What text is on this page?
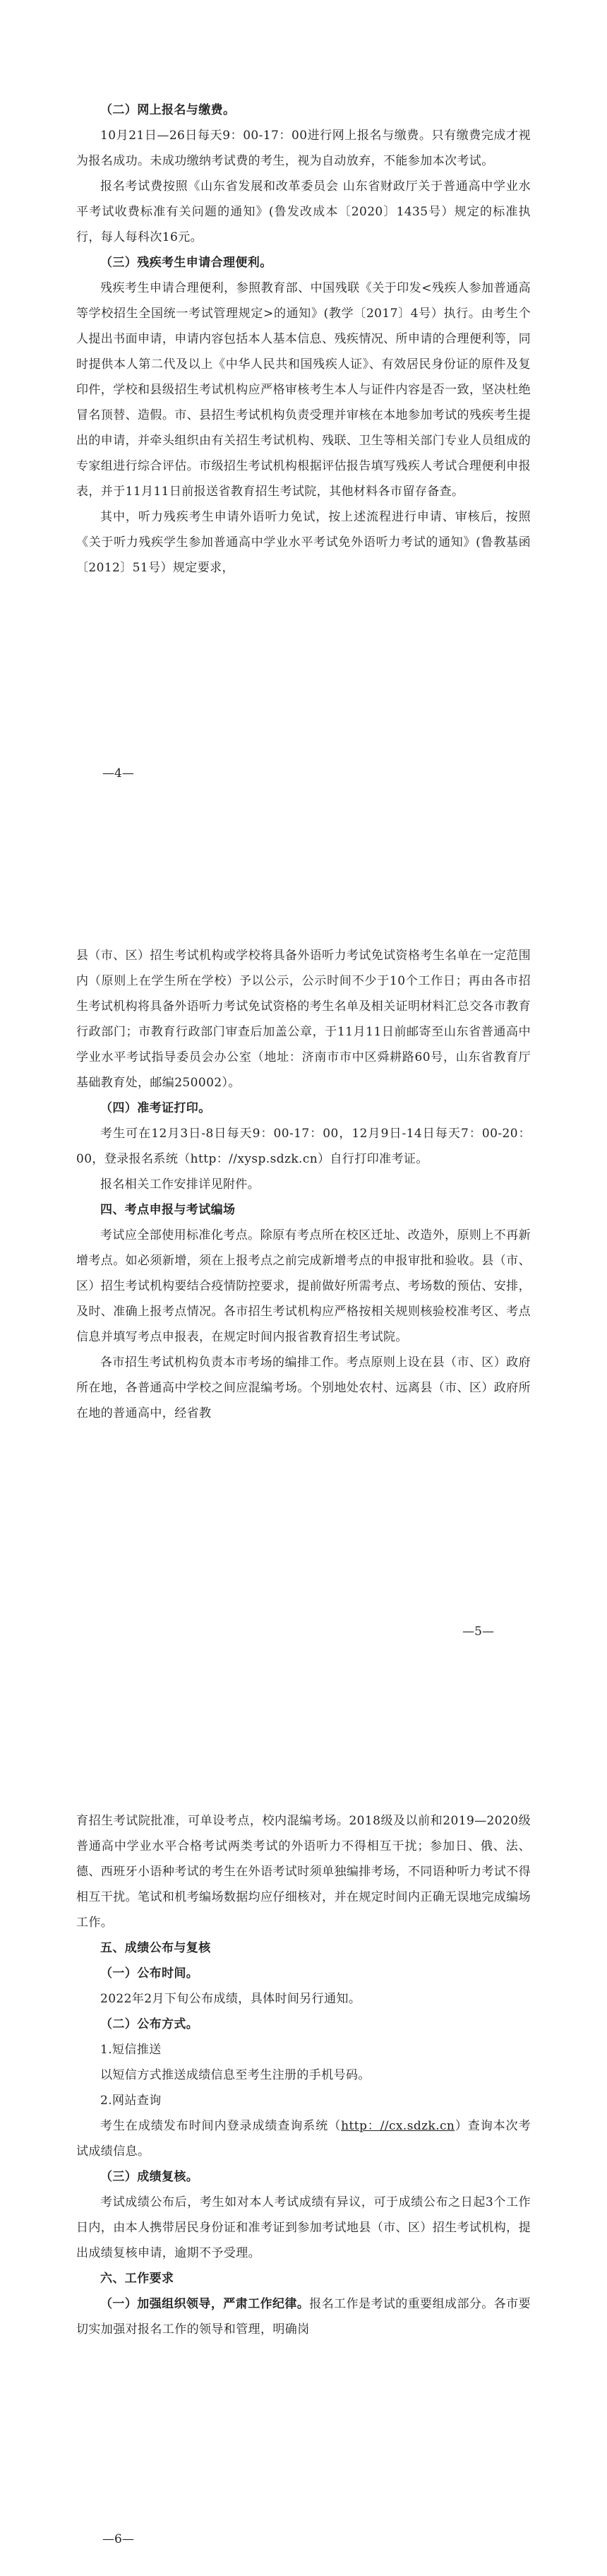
（二）网上报名与缴费。

10月21日—26日每天9：00-17：00进行网上报名与缴费。只有缴费完成才视为报名成功。未成功缴纳考试费的考生，视为自动放弃，不能参加本次考试。

报名考试费按照《山东省发展和改革委员会 山东省财政厅关于普通高中学业水平考试收费标准有关问题的通知》(鲁发改成本〔2020〕1435号）规定的标准执行，每人每科次16元。

（三）残疾考生申请合理便利。

残疾考生申请合理便利，参照教育部、中国残联《关于印发<残疾人参加普通高等学校招生全国统一考试管理规定>的通知》(教学〔2017〕4号）执行。由考生个人提出书面申请，申请内容包括本人基本信息、残疾情况、所申请的合理便利等，同时提供本人第二代及以上《中华人民共和国残疾人证》、有效居民身份证的原件及复印件，学校和县级招生考试机构应严格审核考生本人与证件内容是否一致，坚决杜绝冒名顶替、造假。市、县招生考试机构负责受理并审核在本地参加考试的残疾考生提出的申请，并牵头组织由有关招生考试机构、残联、卫生等相关部门专业人员组成的专家组进行综合评估。市级招生考试机构根据评估报告填写残疾人考试合理便利申报表，并于11月11日前报送省教育招生考试院，其他材料各市留存备查。

其中，听力残疾考生申请外语听力免试，按上述流程进行申请、审核后，按照《关于听力残疾学生参加普通高中学业水平考试免外语听力考试的通知》(鲁教基函〔2012〕51号）规定要求，

—4—

县（市、区）招生考试机构或学校将具备外语听力考试免试资格考生名单在一定范围内（原则上在学生所在学校）予以公示，公示时间不少于10个工作日；再由各市招生考试机构将具备外语听力考试免试资格的考生名单及相关证明材料汇总交各市教育行政部门；市教育行政部门审查后加盖公章，于11月11日前邮寄至山东省普通高中学业水平考试指导委员会办公室（地址：济南市市中区舜耕路60号，山东省教育厅基础教育处，邮编250002）。

（四）准考证打印。

考生可在12月3日-8日每天9：00-17：00，12月9日-14日每天7：00-20：00，登录报名系统（http：//xysp.sdzk.cn）自行打印准考证。

报名相关工作安排详见附件。

四、考点申报与考试编场

考试应全部使用标准化考点。除原有考点所在校区迁址、改造外，原则上不再新增考点。如必须新增，须在上报考点之前完成新增考点的申报审批和验收。县（市、区）招生考试机构要结合疫情防控要求，提前做好所需考点、考场数的预估、安排，及时、准确上报考点情况。各市招生考试机构应严格按相关规则核验校准考区、考点信息并填写考点申报表，在规定时间内报省教育招生考试院。

各市招生考试机构负责本市考场的编排工作。考点原则上设在县（市、区）政府所在地，各普通高中学校之间应混编考场。个别地处农村、远离县（市、区）政府所在地的普通高中，经省教

—5—

育招生考试院批准，可单设考点，校内混编考场。2018级及以前和2019—2020级普通高中学业水平合格考试两类考试的外语听力不得相互干扰；参加日、俄、法、德、西班牙小语种考试的考生在外语考试时须单独编排考场，不同语种听力考试不得相互干扰。笔试和机考编场数据均应仔细核对，并在规定时间内正确无误地完成编场工作。

五、成绩公布与复核

（一）公布时间。

2022年2月下旬公布成绩，具体时间另行通知。

（二）公布方式。

1.短信推送

以短信方式推送成绩信息至考生注册的手机号码。

2.网站查询

考生在成绩发布时间内登录成绩查询系统（http：//cx.sdzk.cn）查询本次考试成绩信息。

（三）成绩复核。

考试成绩公布后，考生如对本人考试成绩有异议，可于成绩公布之日起3个工作日内，由本人携带居民身份证和准考证到参加考试地县（市、区）招生考试机构，提出成绩复核申请，逾期不予受理。

六、工作要求

（一）加强组织领导，严肃工作纪律。报名工作是考试的重要组成部分。各市要切实加强对报名工作的领导和管理，明确岗

—6—
